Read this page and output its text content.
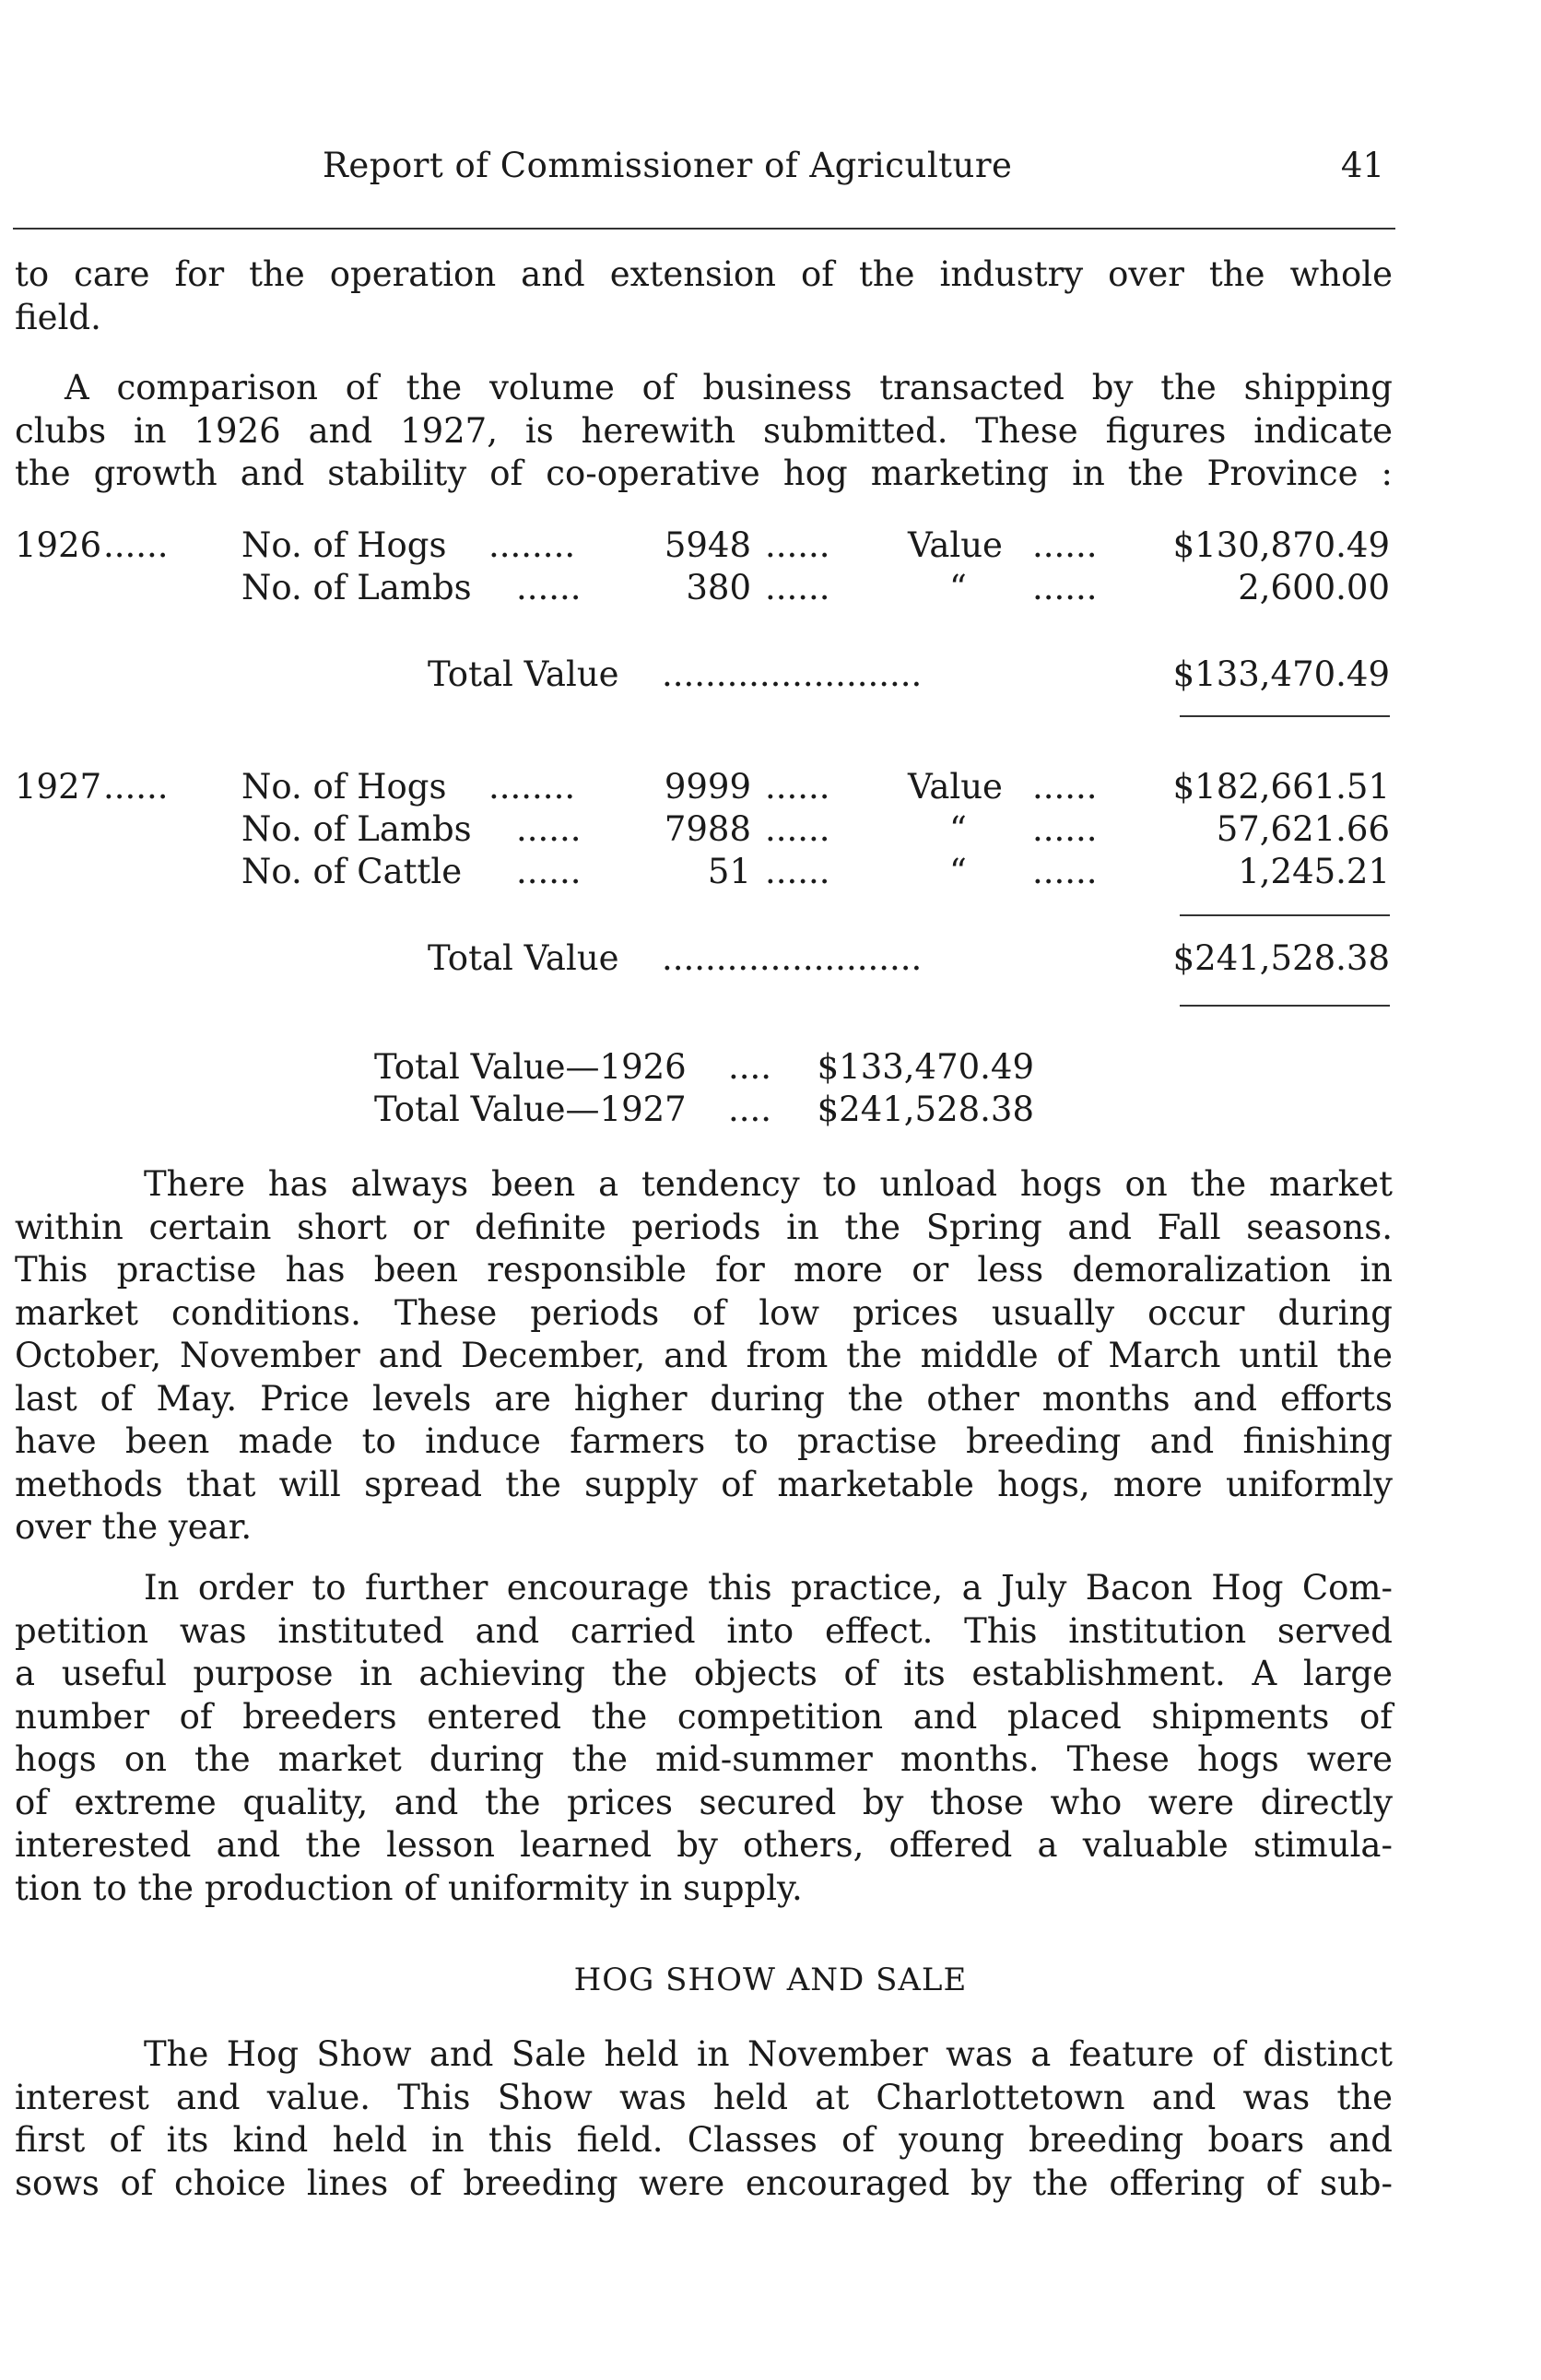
Report of Commissioner of Agriculture	41
to care for the operation and extension of the industry over the whole
field.
A comparison of the volume of business transacted by the shipping
clubs in 1926 and 1927, is herewith submitted. These figures indicate
the growth and stability of co-operative hog marketing in the Province :
1926 ...... No. of Hogs ........	5948 ...... Value ......	$130,870.49
No. of Lambs ......	380 ......	“ ......	2,600.00
Total Value ........................	$133,470.49
1927 ...... No. of Hogs ........	9999 ...... Value ......	$182,661.51
No. of Lambs ......	7988 ......	“ ......	57,621.66
No. of Cattle ......	51 ......	“ ......	1,245.21
Total Value ........................	$241,528.38
Total Value—1926 ....	$133,470.49
Total Value—1927 ....	$241,528.38
There has always been a tendency to unload hogs on the market
within certain short or definite periods in the Spring and Fall seasons.
This practise has been responsible for more or less demoralization in
market conditions. These periods of low prices usually occur during
October, November and December, and from the middle of March until the
last of May. Price levels are higher during the other months and efforts
have been made to induce farmers to practise breeding and finishing
methods that will spread the supply of marketable hogs, more uniformly
over the year.
In order to further encourage this practice, a July Bacon Hog Com-
petition was instituted and carried into effect. This institution served
a useful purpose in achieving the objects of its establishment. A large
number of breeders entered the competition and placed shipments of
hogs on the market during the mid-summer months. These hogs were
of extreme quality, and the prices secured by those who were directly
interested and the lesson learned by others, offered a valuable stimula-
tion to the production of uniformity in supply.
HOG SHOW AND SALE
The Hog Show and Sale held in November was a feature of distinct
interest and value. This Show was held at Charlottetown and was the
first of its kind held in this field. Classes of young breeding boars and
sows of choice lines of breeding were encouraged by the offering of sub-
